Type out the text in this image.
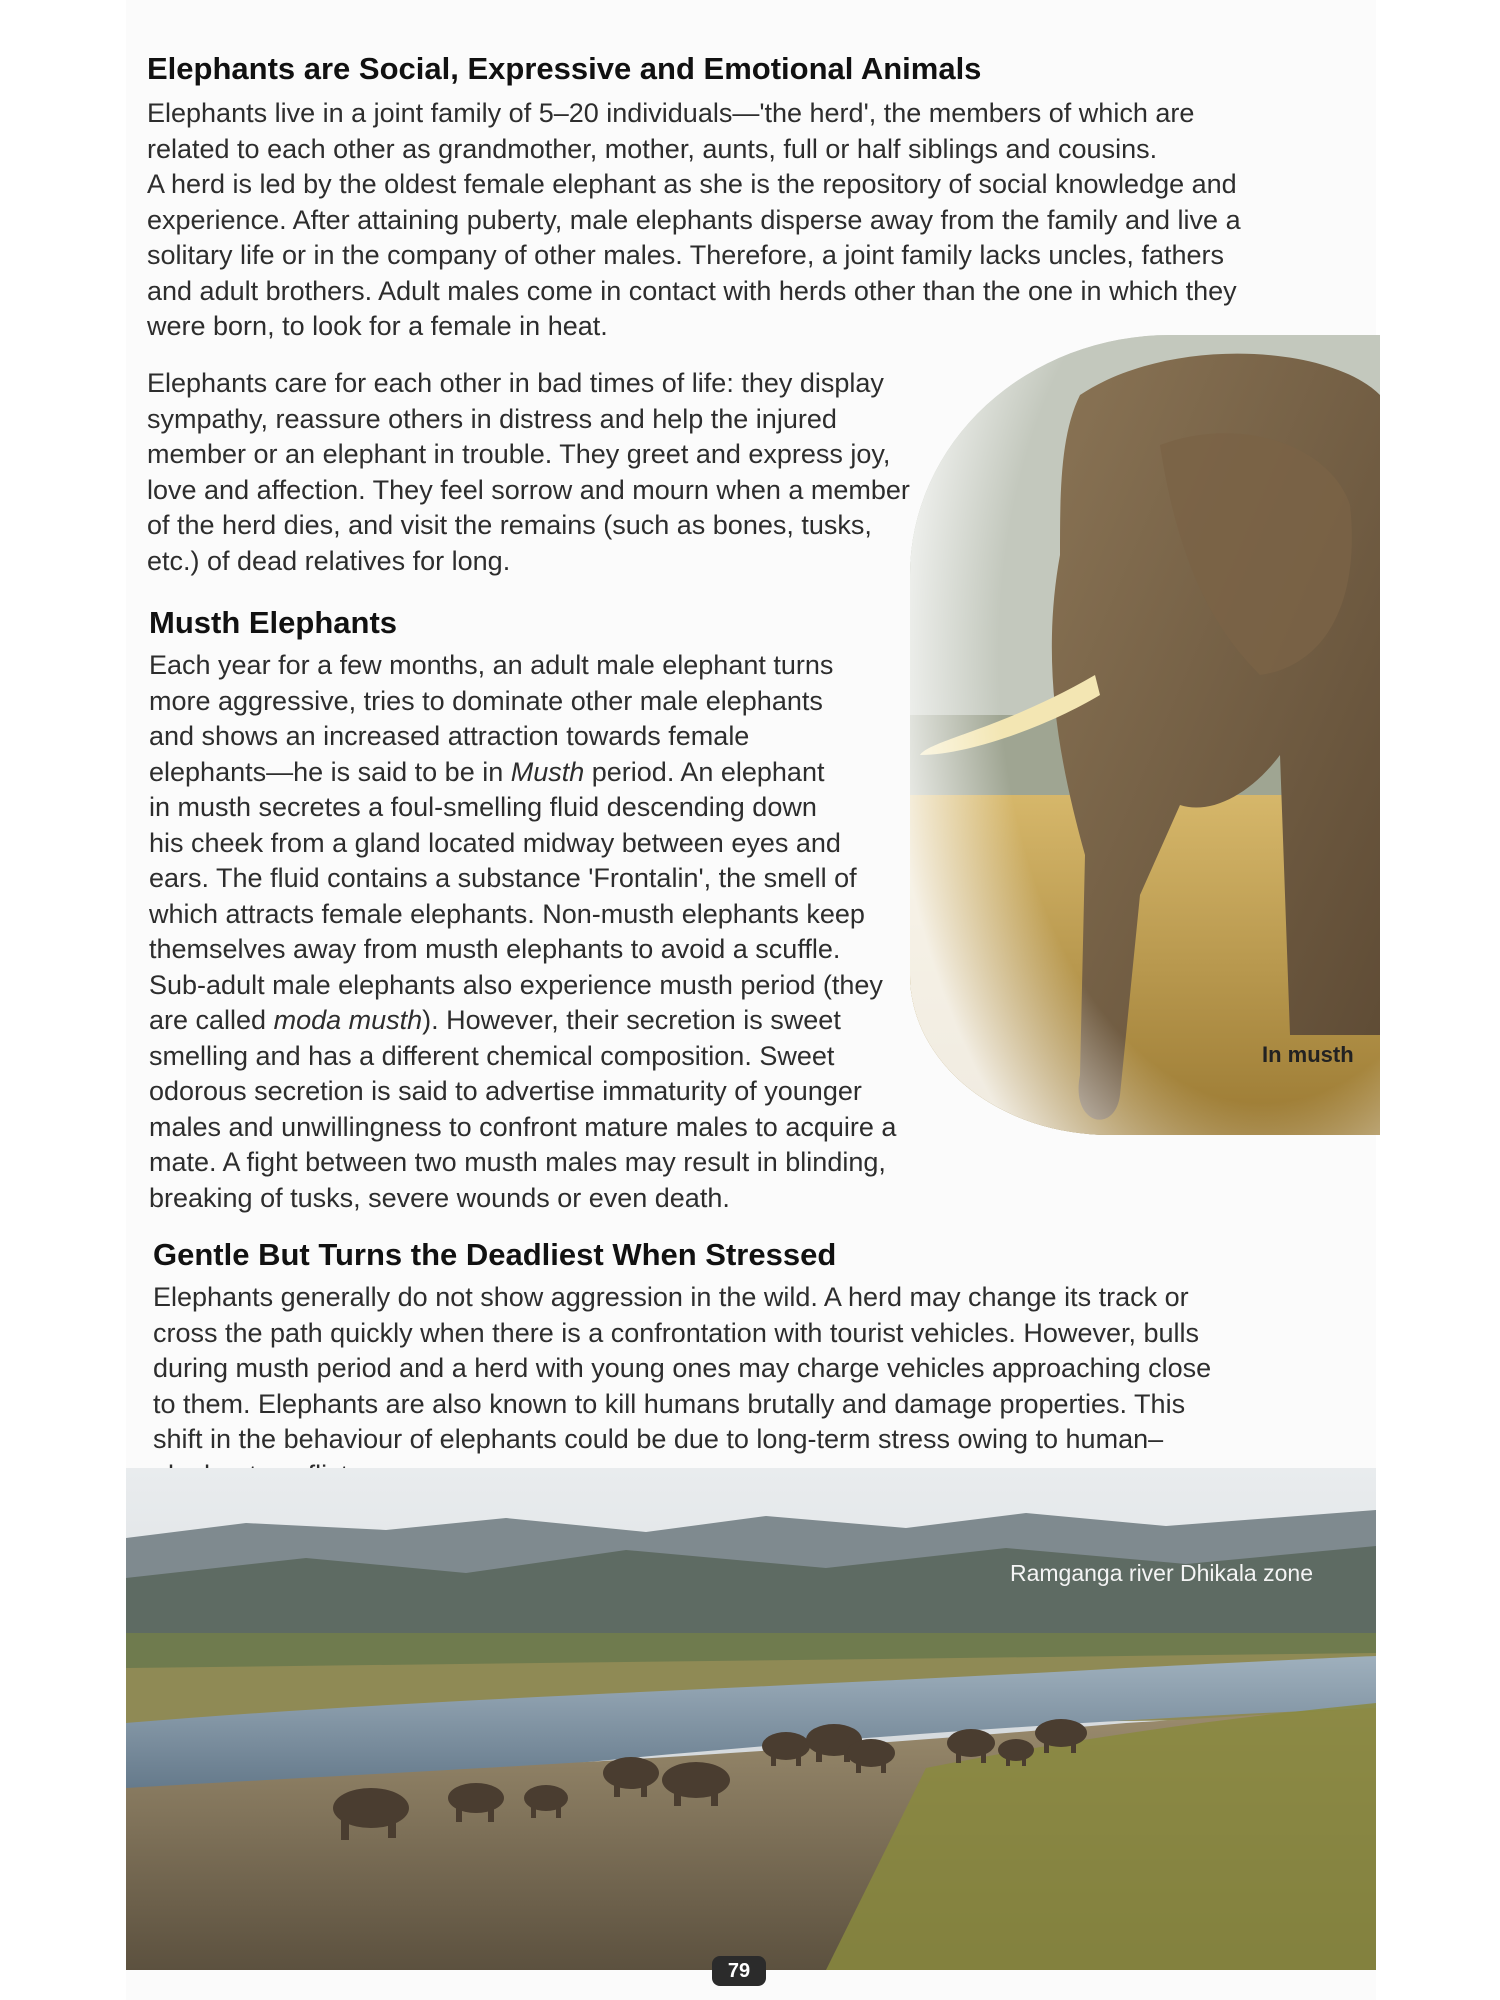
Elephants are Social, Expressive and Emotional Animals
Elephants live in a joint family of 5–20 individuals—'the herd', the members of which are
related to each other as grandmother, mother, aunts, full or half siblings and cousins.
A herd is led by the oldest female elephant as she is the repository of social knowledge and
experience. After attaining puberty, male elephants disperse away from the family and live a
solitary life or in the company of other males. Therefore, a joint family lacks uncles, fathers
and adult brothers. Adult males come in contact with herds other than the one in which they
were born, to look for a female in heat.
Elephants care for each other in bad times of life: they display
sympathy, reassure others in distress and help the injured
member or an elephant in trouble. They greet and express joy,
love and affection. They feel sorrow and mourn when a member
of the herd dies, and visit the remains (such as bones, tusks,
etc.) of dead relatives for long.
In musth
Musth Elephants
Each year for a few months, an adult male elephant turns
more aggressive, tries to dominate other male elephants
and shows an increased attraction towards female
elephants—he is said to be in Musth period. An elephant
in musth secretes a foul-smelling fluid descending down
his cheek from a gland located midway between eyes and
ears. The fluid contains a substance 'Frontalin', the smell of
which attracts female elephants. Non-musth elephants keep
themselves away from musth elephants to avoid a scuffle.
Sub-adult male elephants also experience musth period (they
are called moda musth). However, their secretion is sweet
smelling and has a different chemical composition. Sweet
odorous secretion is said to advertise immaturity of younger
males and unwillingness to confront mature males to acquire a
mate. A fight between two musth males may result in blinding,
breaking of tusks, severe wounds or even death.
Gentle But Turns the Deadliest When Stressed
Elephants generally do not show aggression in the wild. A herd may change its track or
cross the path quickly when there is a confrontation with tourist vehicles. However, bulls
during musth period and a herd with young ones may charge vehicles approaching close
to them. Elephants are also known to kill humans brutally and damage properties. This
shift in the behaviour of elephants could be due to long-term stress owing to human–
Ramganga river Dhikala zone
79
